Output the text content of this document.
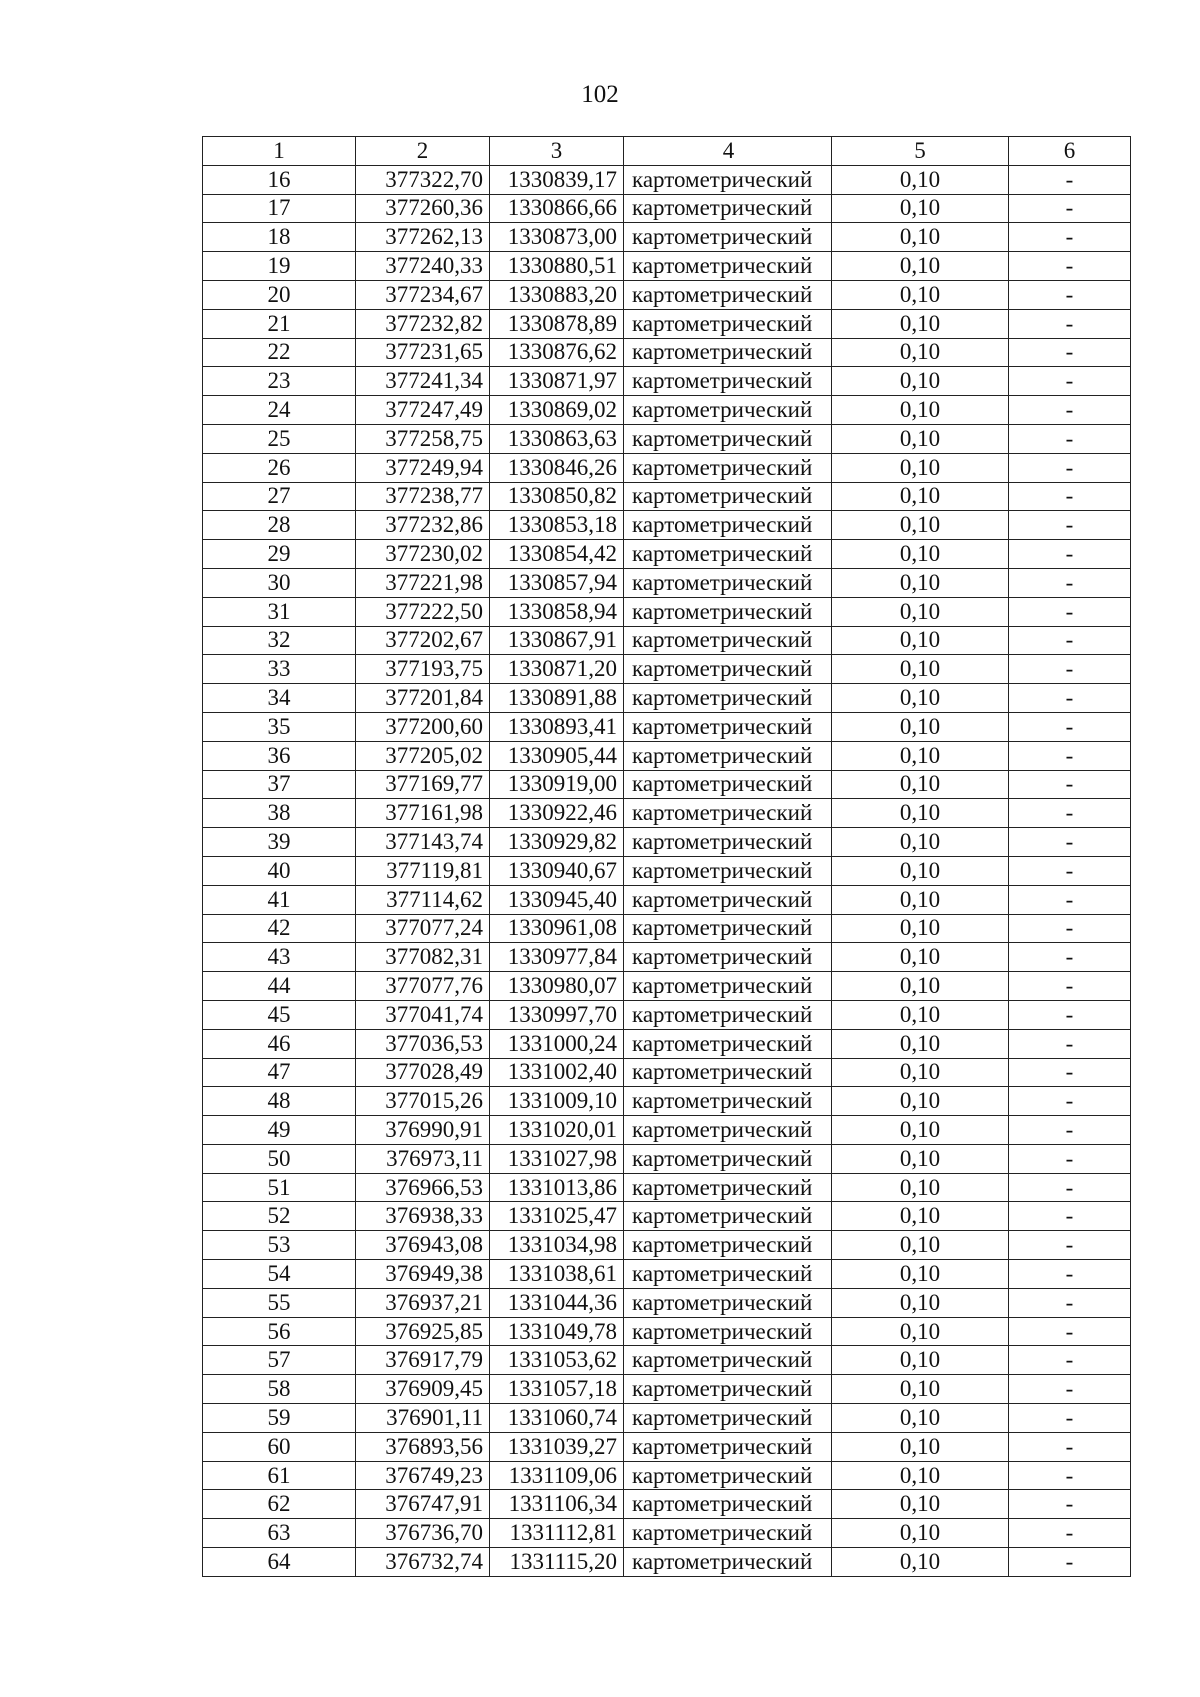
102
1	2	3	4	5	6
16	377322,70	1330839,17	картометрический	0,10	-
17	377260,36	1330866,66	картометрический	0,10	-
18	377262,13	1330873,00	картометрический	0,10	-
19	377240,33	1330880,51	картометрический	0,10	-
20	377234,67	1330883,20	картометрический	0,10	-
21	377232,82	1330878,89	картометрический	0,10	-
22	377231,65	1330876,62	картометрический	0,10	-
23	377241,34	1330871,97	картометрический	0,10	-
24	377247,49	1330869,02	картометрический	0,10	-
25	377258,75	1330863,63	картометрический	0,10	-
26	377249,94	1330846,26	картометрический	0,10	-
27	377238,77	1330850,82	картометрический	0,10	-
28	377232,86	1330853,18	картометрический	0,10	-
29	377230,02	1330854,42	картометрический	0,10	-
30	377221,98	1330857,94	картометрический	0,10	-
31	377222,50	1330858,94	картометрический	0,10	-
32	377202,67	1330867,91	картометрический	0,10	-
33	377193,75	1330871,20	картометрический	0,10	-
34	377201,84	1330891,88	картометрический	0,10	-
35	377200,60	1330893,41	картометрический	0,10	-
36	377205,02	1330905,44	картометрический	0,10	-
37	377169,77	1330919,00	картометрический	0,10	-
38	377161,98	1330922,46	картометрический	0,10	-
39	377143,74	1330929,82	картометрический	0,10	-
40	377119,81	1330940,67	картометрический	0,10	-
41	377114,62	1330945,40	картометрический	0,10	-
42	377077,24	1330961,08	картометрический	0,10	-
43	377082,31	1330977,84	картометрический	0,10	-
44	377077,76	1330980,07	картометрический	0,10	-
45	377041,74	1330997,70	картометрический	0,10	-
46	377036,53	1331000,24	картометрический	0,10	-
47	377028,49	1331002,40	картометрический	0,10	-
48	377015,26	1331009,10	картометрический	0,10	-
49	376990,91	1331020,01	картометрический	0,10	-
50	376973,11	1331027,98	картометрический	0,10	-
51	376966,53	1331013,86	картометрический	0,10	-
52	376938,33	1331025,47	картометрический	0,10	-
53	376943,08	1331034,98	картометрический	0,10	-
54	376949,38	1331038,61	картометрический	0,10	-
55	376937,21	1331044,36	картометрический	0,10	-
56	376925,85	1331049,78	картометрический	0,10	-
57	376917,79	1331053,62	картометрический	0,10	-
58	376909,45	1331057,18	картометрический	0,10	-
59	376901,11	1331060,74	картометрический	0,10	-
60	376893,56	1331039,27	картометрический	0,10	-
61	376749,23	1331109,06	картометрический	0,10	-
62	376747,91	1331106,34	картометрический	0,10	-
63	376736,70	1331112,81	картометрический	0,10	-
64	376732,74	1331115,20	картометрический	0,10	-
